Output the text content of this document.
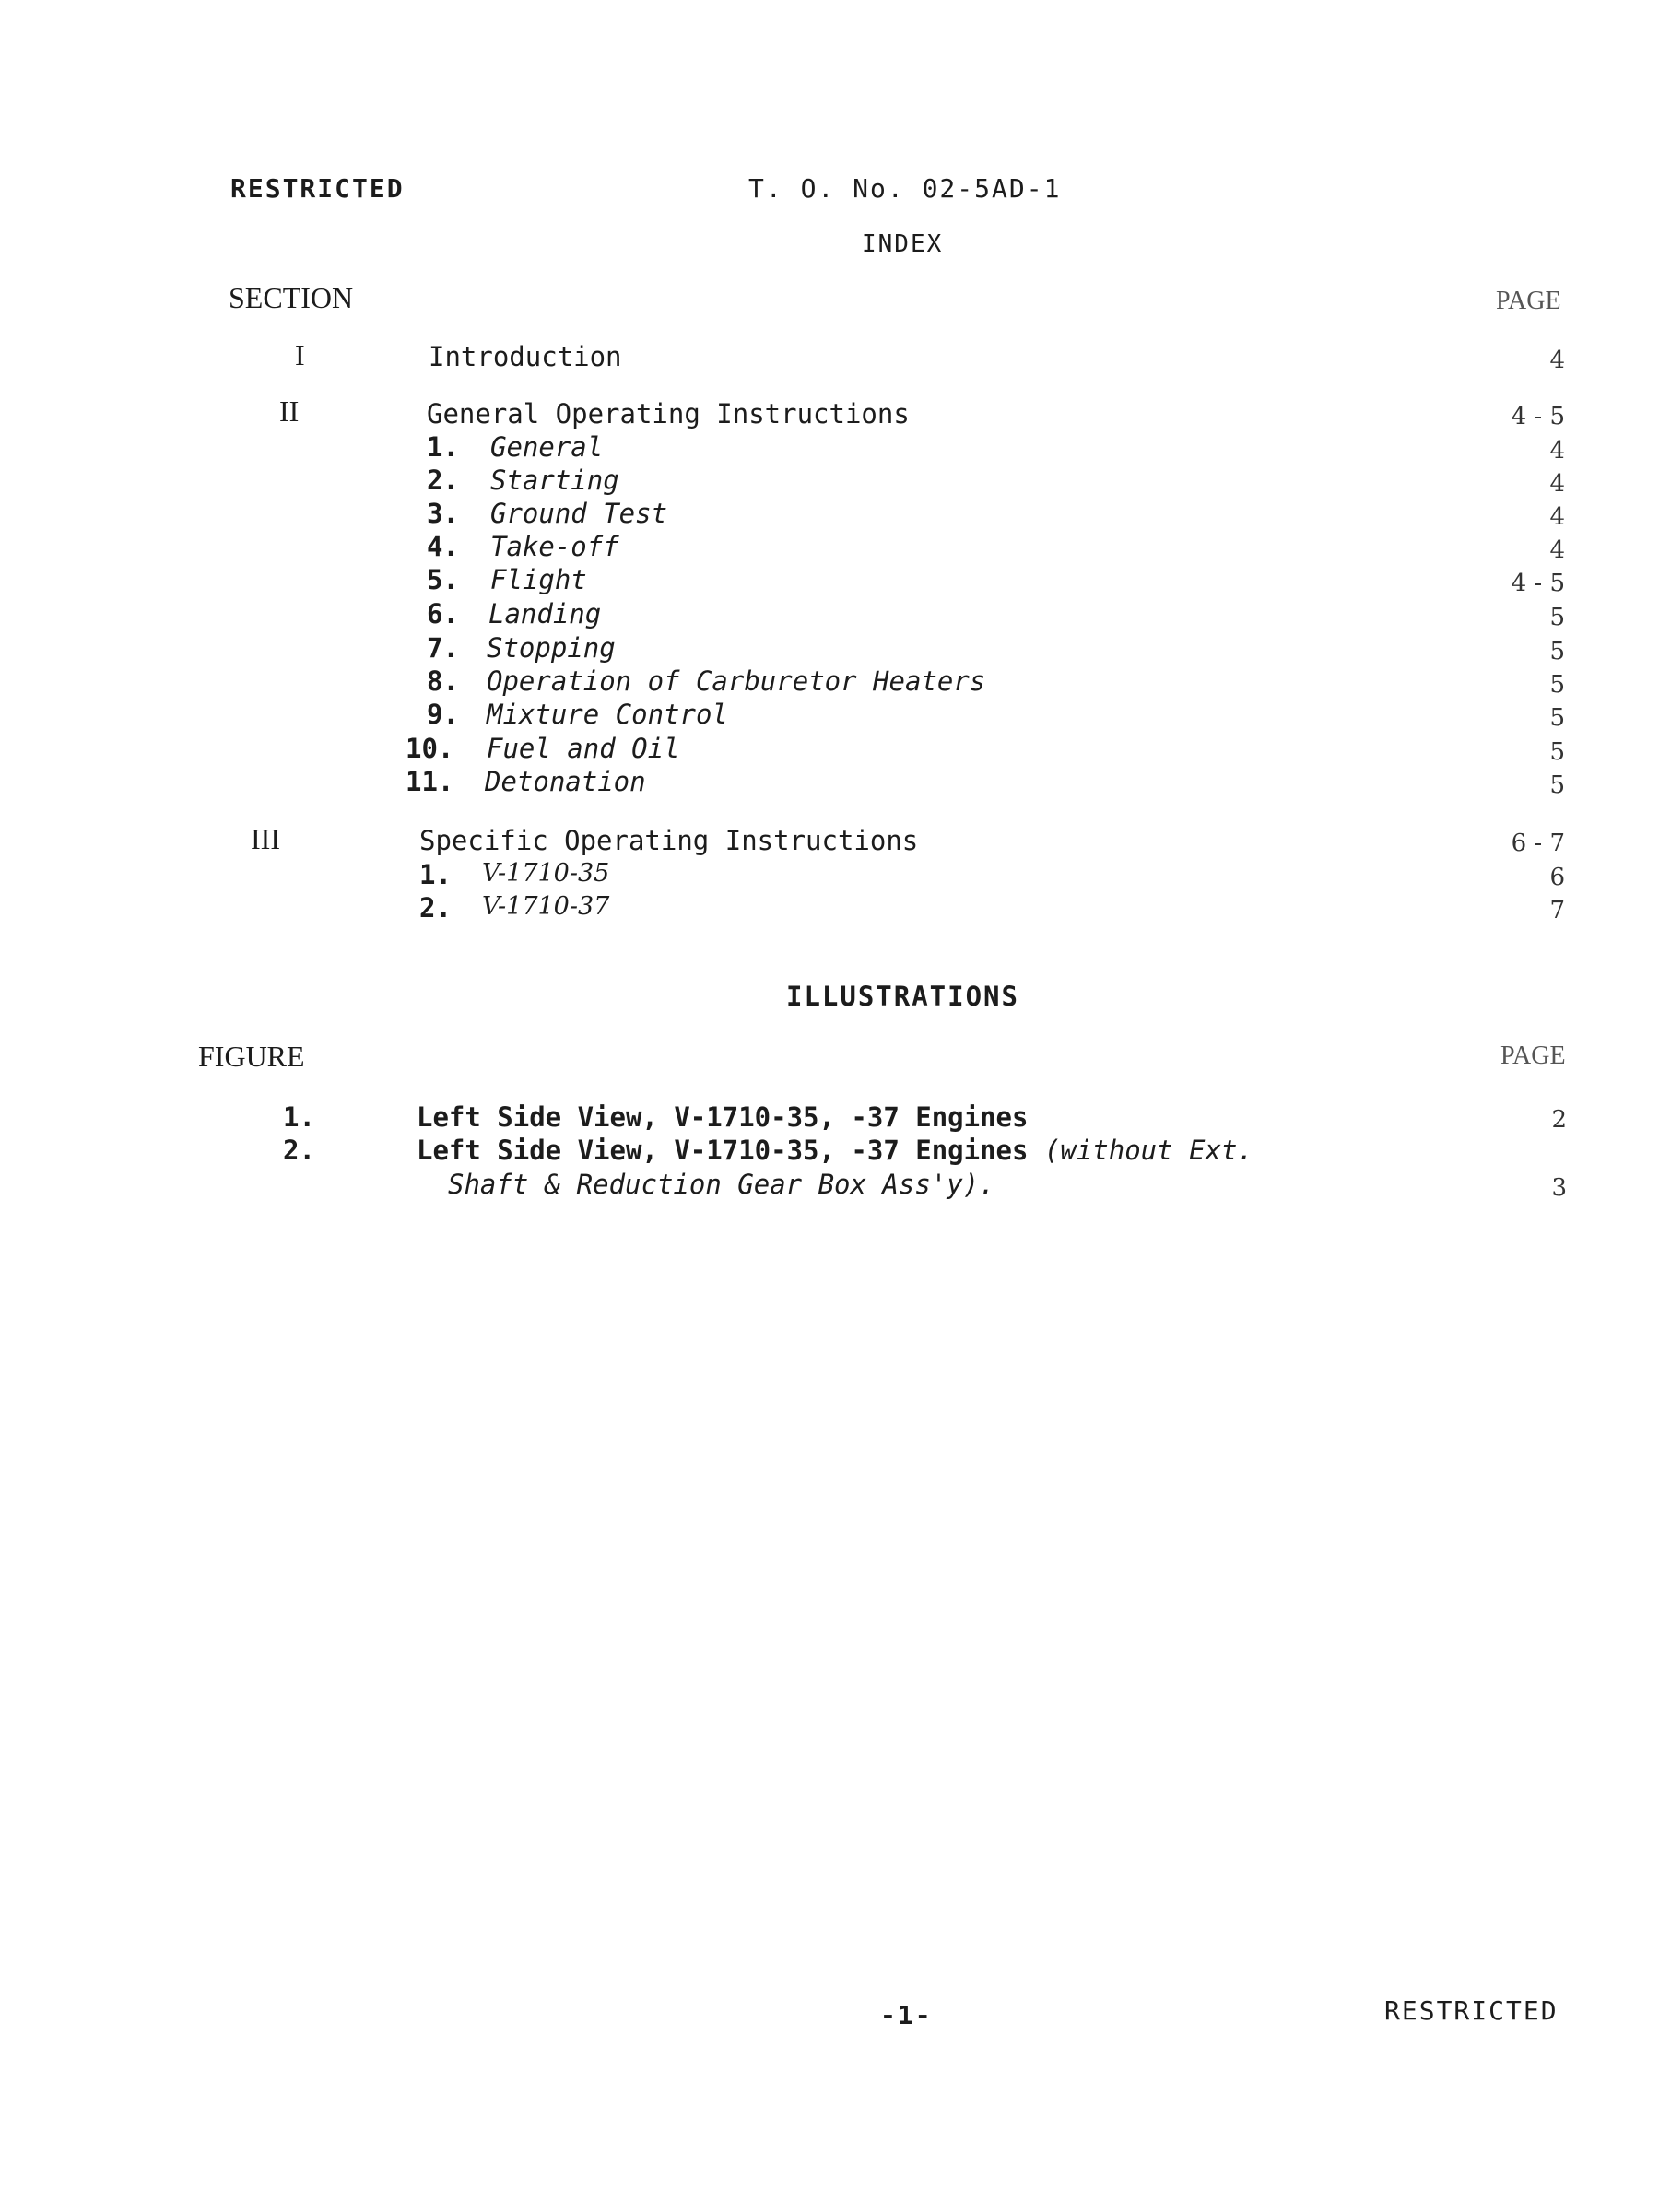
RESTRICTED	T. O. No. 02-5AD-1
INDEX
SECTION	PAGE
I	Introduction	4
II	General Operating Instructions	4 - 5
1. General	4
2. Starting	4
3. Ground Test	4
4. Take-off	4
5. Flight	4 - 5
6. Landing	5
7. Stopping	5
8. Operation of Carburetor Heaters	5
9. Mixture Control	5
10. Fuel and Oil	5
11. Detonation	5
III	Specific Operating Instructions	6 - 7
1. V-1710-35	6
2. V-1710-37	7
ILLUSTRATIONS
FIGURE	PAGE
1.	Left Side View, V-1710-35, -37 Engines	2
2.	Left Side View, V-1710-35, -37 Engines (without Ext.
Shaft & Reduction Gear Box Ass'y).	3
-1-	RESTRICTED
